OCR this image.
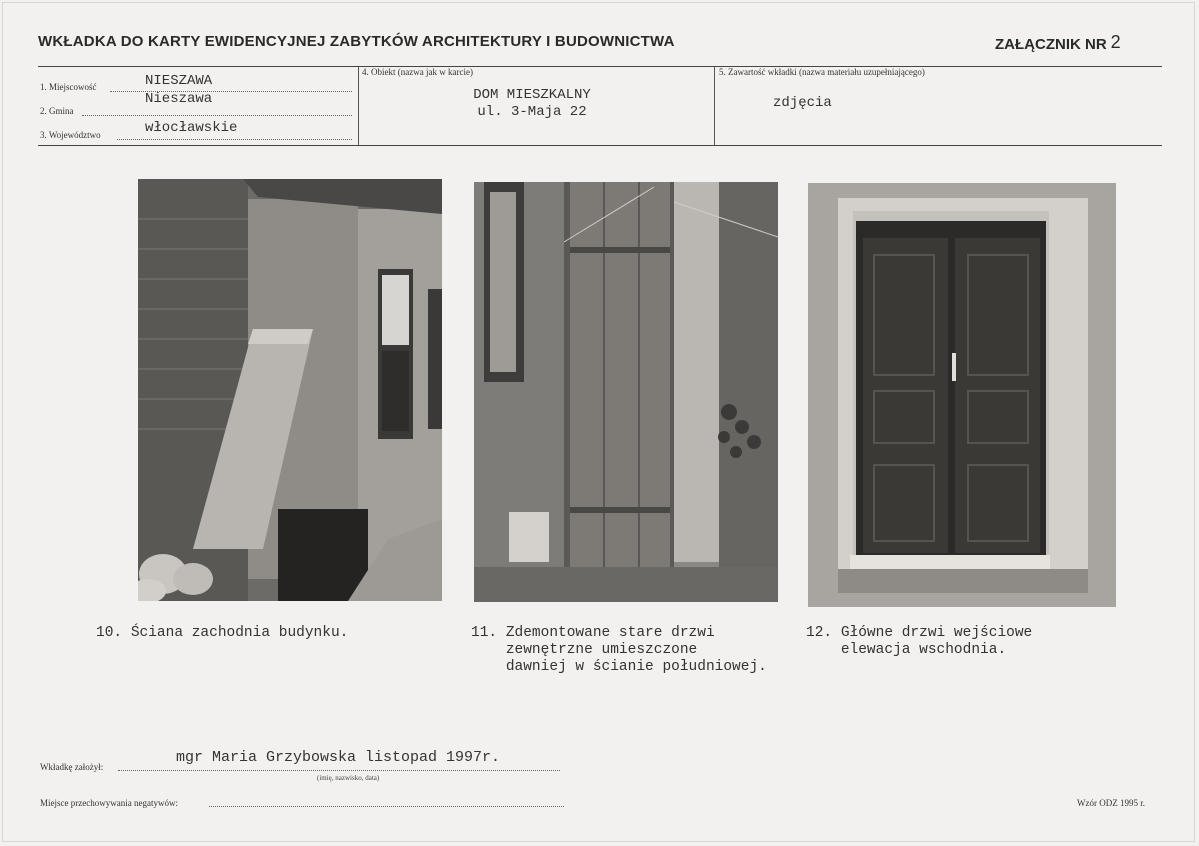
WKŁADKA DO KARTY EWIDENCYJNEJ ZABYTKÓW ARCHITEKTURY I BUDOWNICTWA	ZAŁĄCZNIK NR 2
1. Miejscowość	NIESZAWA
2. Gmina
Nieszawa
3. Województwo	włocławskie
4. Obiekt (nazwa jak w karcie)
DOM MIESZKALNY
ul. 3-Maja 22
5. Zawartość wkładki (nazwa materiału uzupełniającego)
zdjęcia
10. Ściana zachodnia budynku.	11. Zdemontowane stare drzwi
zewnętrzne umieszczone
dawniej w ścianie południowej.
12. Główne drzwi wejściowe
elewacja wschodnia.
Wkładkę założył:
mgr Maria Grzybowska listopad 1997r.
(imię, nazwisko, data)
Miejsce przechowywania negatywów:	Wzór ODZ 1995 r.
